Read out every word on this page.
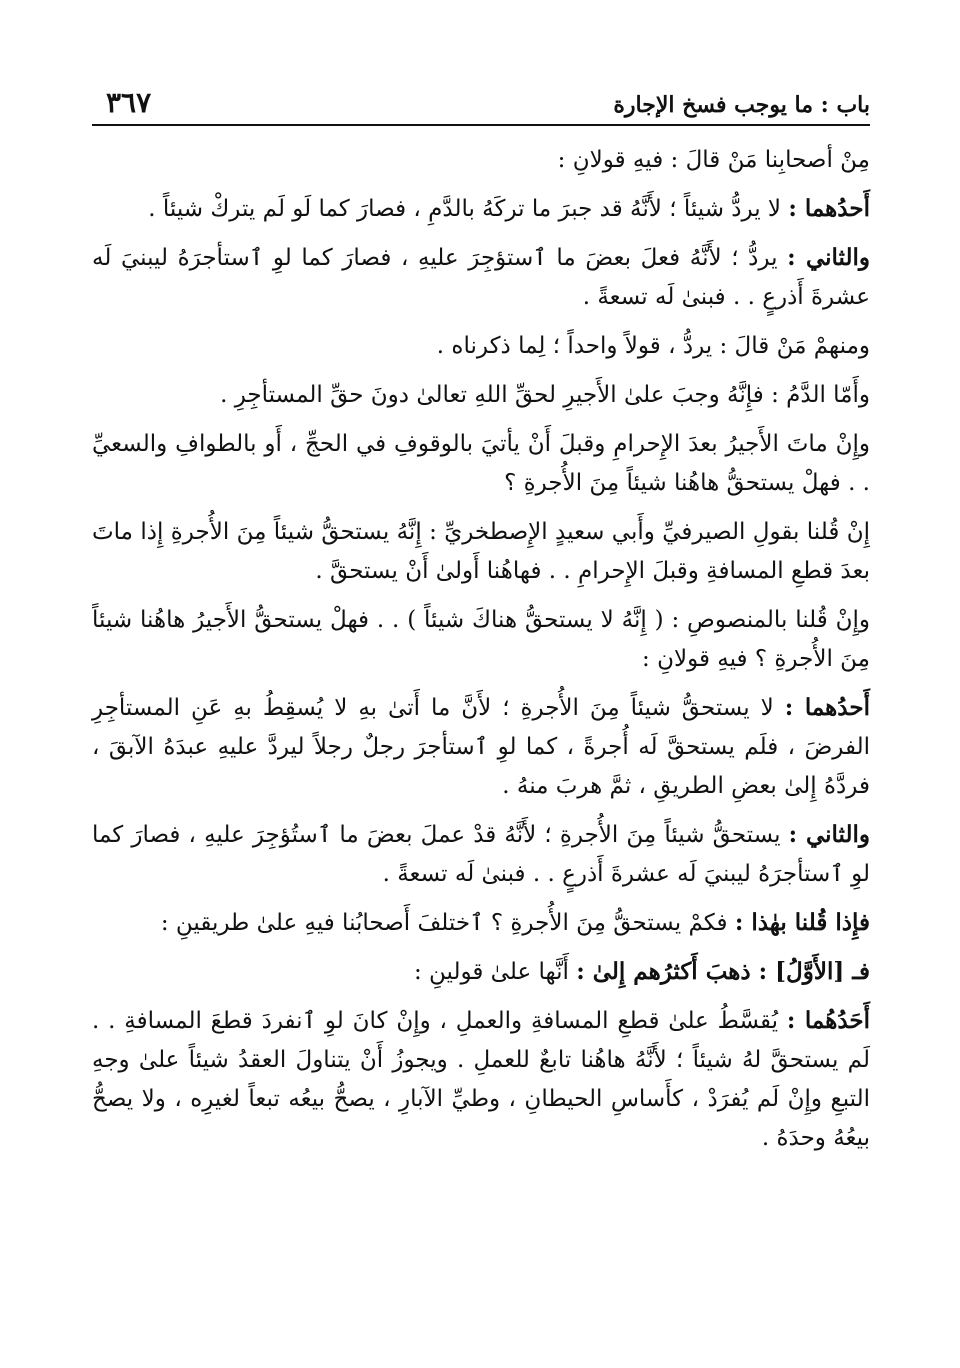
باب : ما يوجب فسخ الإجارة
٣٦٧

مِنْ أصحابِنا مَنْ قالَ : فيهِ قولانِ :

أَحدُهما : لا يردُّ شيئاً ؛ لأَنَّهُ قد جبرَ ما تركَهُ بالدَّمِ ، فصارَ كما لَو لَم يتركْ شيئاً .

والثاني : يردُّ ؛ لأَنَّهُ فعلَ بعضَ ما ٱستؤجِرَ عليهِ ، فصارَ كما لوِ ٱستأجرَهُ ليبنيَ لَه عشرةَ أَذرعٍ . . فبنىٰ لَه تسعةً .

ومنهمْ مَنْ قالَ : يردُّ ، قولاً واحداً ؛ لِما ذكرناه .

وأَمّا الدَّمُ : فإِنَّهُ وجبَ علىٰ الأَجيرِ لحقِّ اللهِ تعالىٰ دونَ حقِّ المستأجِرِ .

وإِنْ ماتَ الأَجيرُ بعدَ الإِحرامِ وقبلَ أَنْ يأتيَ بالوقوفِ في الحجِّ ، أَو بالطوافِ والسعيِّ . . فهلْ يستحقُّ هاهُنا شيئاً مِنَ الأُجرةِ ؟

إِنْ قُلنا بقولِ الصيرفيِّ وأَبي سعيدٍ الإِصطخريِّ : إِنَّهُ يستحقُّ شيئاً مِنَ الأُجرةِ إِذا ماتَ بعدَ قطعِ المسافةِ وقبلَ الإِحرامِ . . فهاهُنا أَولىٰ أَنْ يستحقَّ .

وإِنْ قُلنا بالمنصوصِ : ( إِنَّهُ لا يستحقُّ هناكَ شيئاً ) . . فهلْ يستحقُّ الأَجيرُ هاهُنا شيئاً مِنَ الأُجرةِ ؟ فيهِ قولانِ :

أَحدُهما : لا يستحقُّ شيئاً مِنَ الأُجرةِ ؛ لأَنَّ ما أَتىٰ بهِ لا يُسقِطُ بهِ عَنِ المستأجِرِ الفرضَ ، فلَم يستحقَّ لَه أُجرةً ، كما لوِ ٱستأجرَ رجلٌ رجلاً ليردَّ عليهِ عبدَهُ الآبقَ ، فردَّهُ إِلىٰ بعضِ الطريقِ ، ثمَّ هربَ منهُ .

والثاني : يستحقُّ شيئاً مِنَ الأُجرةِ ؛ لأَنَّهُ قدْ عملَ بعضَ ما ٱستُؤجِرَ عليهِ ، فصارَ كما لوِ ٱستأجرَهُ ليبنيَ لَه عشرةَ أَذرعٍ . . فبنىٰ لَه تسعةً .

فإِذا قُلنا بهٰذا : فكمْ يستحقُّ مِنَ الأُجرةِ ؟ ٱختلفَ أَصحابُنا فيهِ علىٰ طريقينِ :

فـ [الأَوَّلُ] : ذهبَ أَكثرُهم إِلىٰ : أَنَّها علىٰ قولينِ :

أَحَدُهُما : يُقسَّطُ علىٰ قطعِ المسافةِ والعملِ ، وإِنْ كانَ لوِ ٱنفردَ قطعَ المسافةِ . . لَم يستحقَّ لهُ شيئاً ؛ لأَنَّهُ هاهُنا تابعٌ للعملِ . ويجوزُ أَنْ يتناولَ العقدُ شيئاً علىٰ وجهِ التبعِ وإِنْ لَم يُفرَدْ ، كأَساسِ الحيطانِ ، وطيِّ الآبارِ ، يصحُّ بيعُه تبعاً لغيرِه ، ولا يصحُّ بيعُهُ وحدَهُ .
